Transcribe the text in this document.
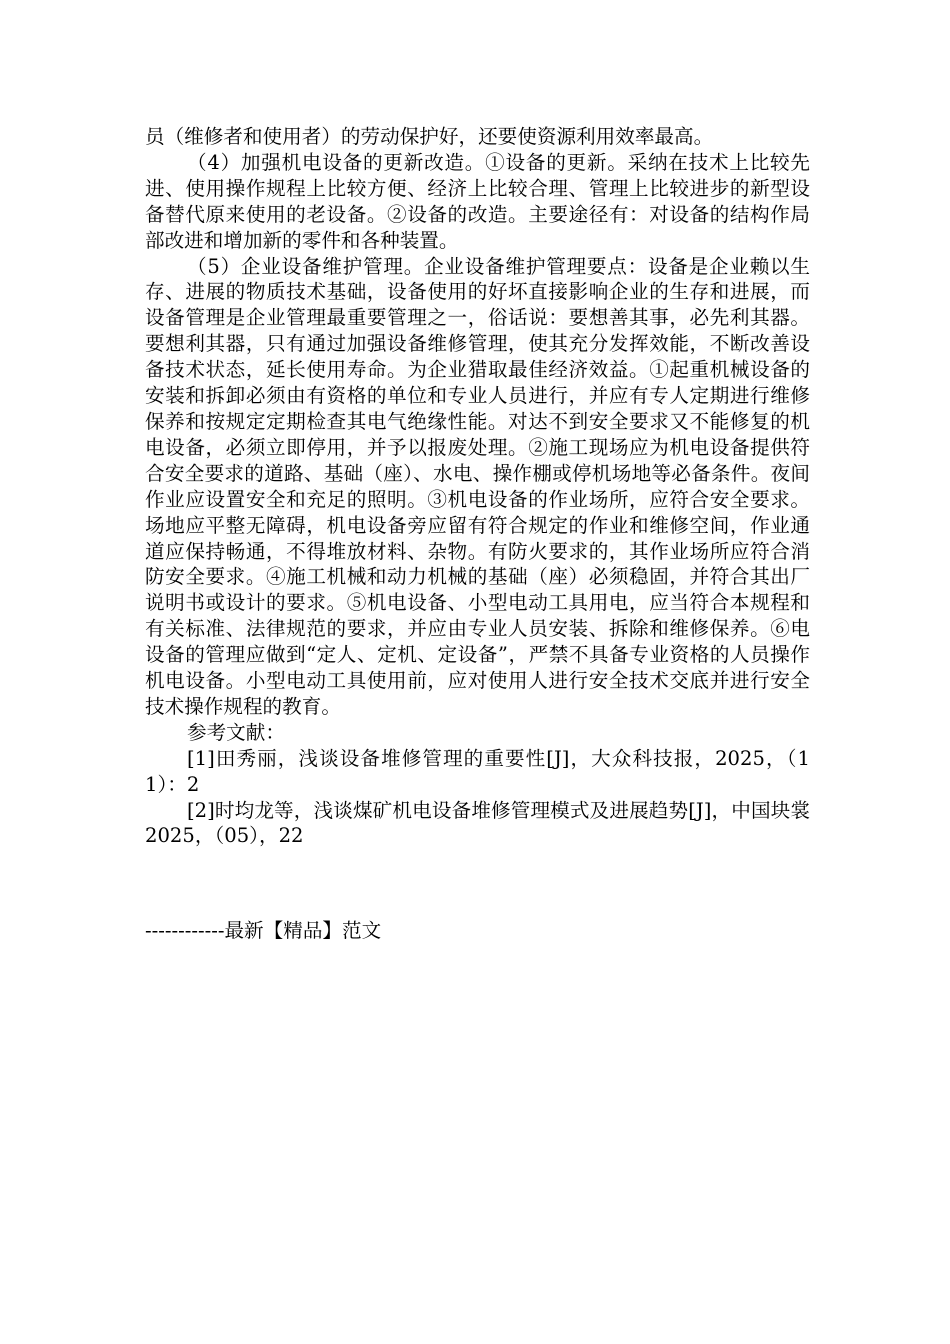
员（维修者和使用者）的劳动保护好，还要使资源利用效率最高。

（4）加强机电设备的更新改造。①设备的更新。采纳在技术上比较先进、使用操作规程上比较方便、经济上比较合理、管理上比较进步的新型设备替代原来使用的老设备。②设备的改造。主要途径有：对设备的结构作局部改进和增加新的零件和各种装置。

（5）企业设备维护管理。企业设备维护管理要点：设备是企业赖以生存、进展的物质技术基础，设备使用的好坏直接影响企业的生存和进展，而设备管理是企业管理最重要管理之一，俗话说：要想善其事，必先利其器。要想利其器，只有通过加强设备维修管理，使其充分发挥效能，不断改善设备技术状态，延长使用寿命。为企业猎取最佳经济效益。①起重机械设备的安装和拆卸必须由有资格的单位和专业人员进行，并应有专人定期进行维修保养和按规定定期检查其电气绝缘性能。对达不到安全要求又不能修复的机电设备，必须立即停用，并予以报废处理。②施工现场应为机电设备提供符合安全要求的道路、基础（座）、水电、操作棚或停机场地等必备条件。夜间作业应设置安全和充足的照明。③机电设备的作业场所，应符合安全要求。场地应平整无障碍，机电设备旁应留有符合规定的作业和维修空间，作业通道应保持畅通，不得堆放材料、杂物。有防火要求的，其作业场所应符合消防安全要求。④施工机械和动力机械的基础（座）必须稳固，并符合其出厂说明书或设计的要求。⑤机电设备、小型电动工具用电，应当符合本规程和有关标准、法律规范的要求，并应由专业人员安装、拆除和维修保养。⑥电设备的管理应做到“定人、定机、定设备”，严禁不具备专业资格的人员操作机电设备。小型电动工具使用前，应对使用人进行安全技术交底并进行安全技术操作规程的教育。

参考文献：

[1]田秀丽，浅谈设备堆修管理的重要性[J]，大众科技报，2025，（11）：2

[2]时均龙等，浅谈煤矿机电设备堆修管理模式及进展趋势[J]，中国块裳 2025，（05），22

------------最新【精品】范文
